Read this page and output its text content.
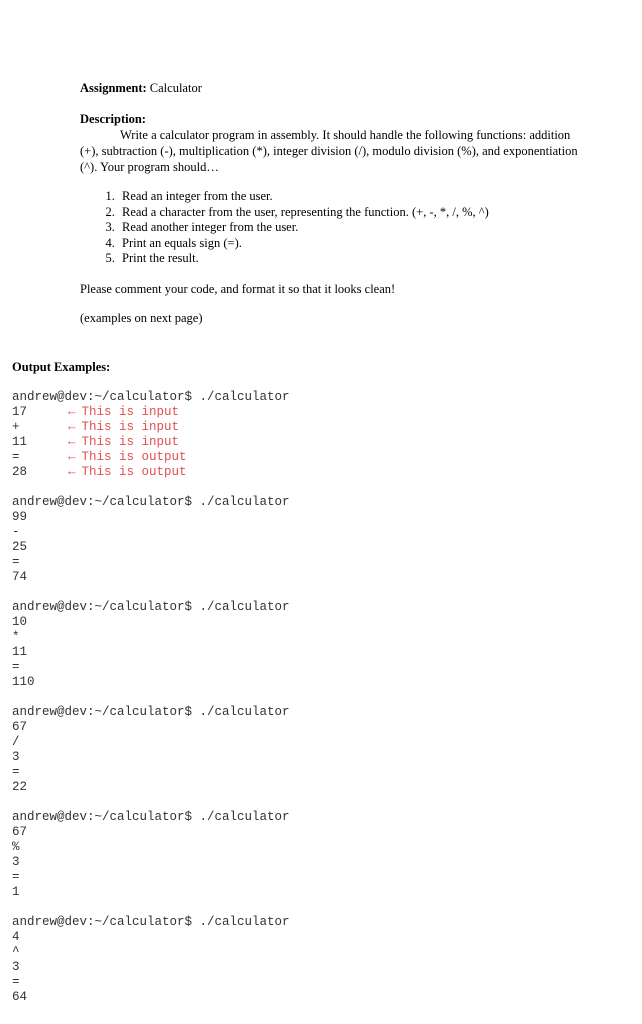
Assignment: Calculator
Description:
Write a calculator program in assembly. It should handle the following functions: addition (+), subtraction (-), multiplication (*), integer division (/), modulo division (%), and exponentiation (^). Your program should…
1. Read an integer from the user.
2. Read a character from the user, representing the function. (+, -, *, /, %, ^)
3. Read another integer from the user.
4. Print an equals sign (=).
5. Print the result.
Please comment your code, and format it so that it looks clean!
(examples on next page)
Output Examples:
andrew@dev:~/calculator$ ./calculator
17	← This is input
+	← This is input
11	← This is input
=	← This is output
28	← This is output
andrew@dev:~/calculator$ ./calculator
99
-
25
=
74
andrew@dev:~/calculator$ ./calculator
10
*
11
=
110
andrew@dev:~/calculator$ ./calculator
67
/
3
=
22
andrew@dev:~/calculator$ ./calculator
67
%
3
=
1
andrew@dev:~/calculator$ ./calculator
4
^
3
=
64
